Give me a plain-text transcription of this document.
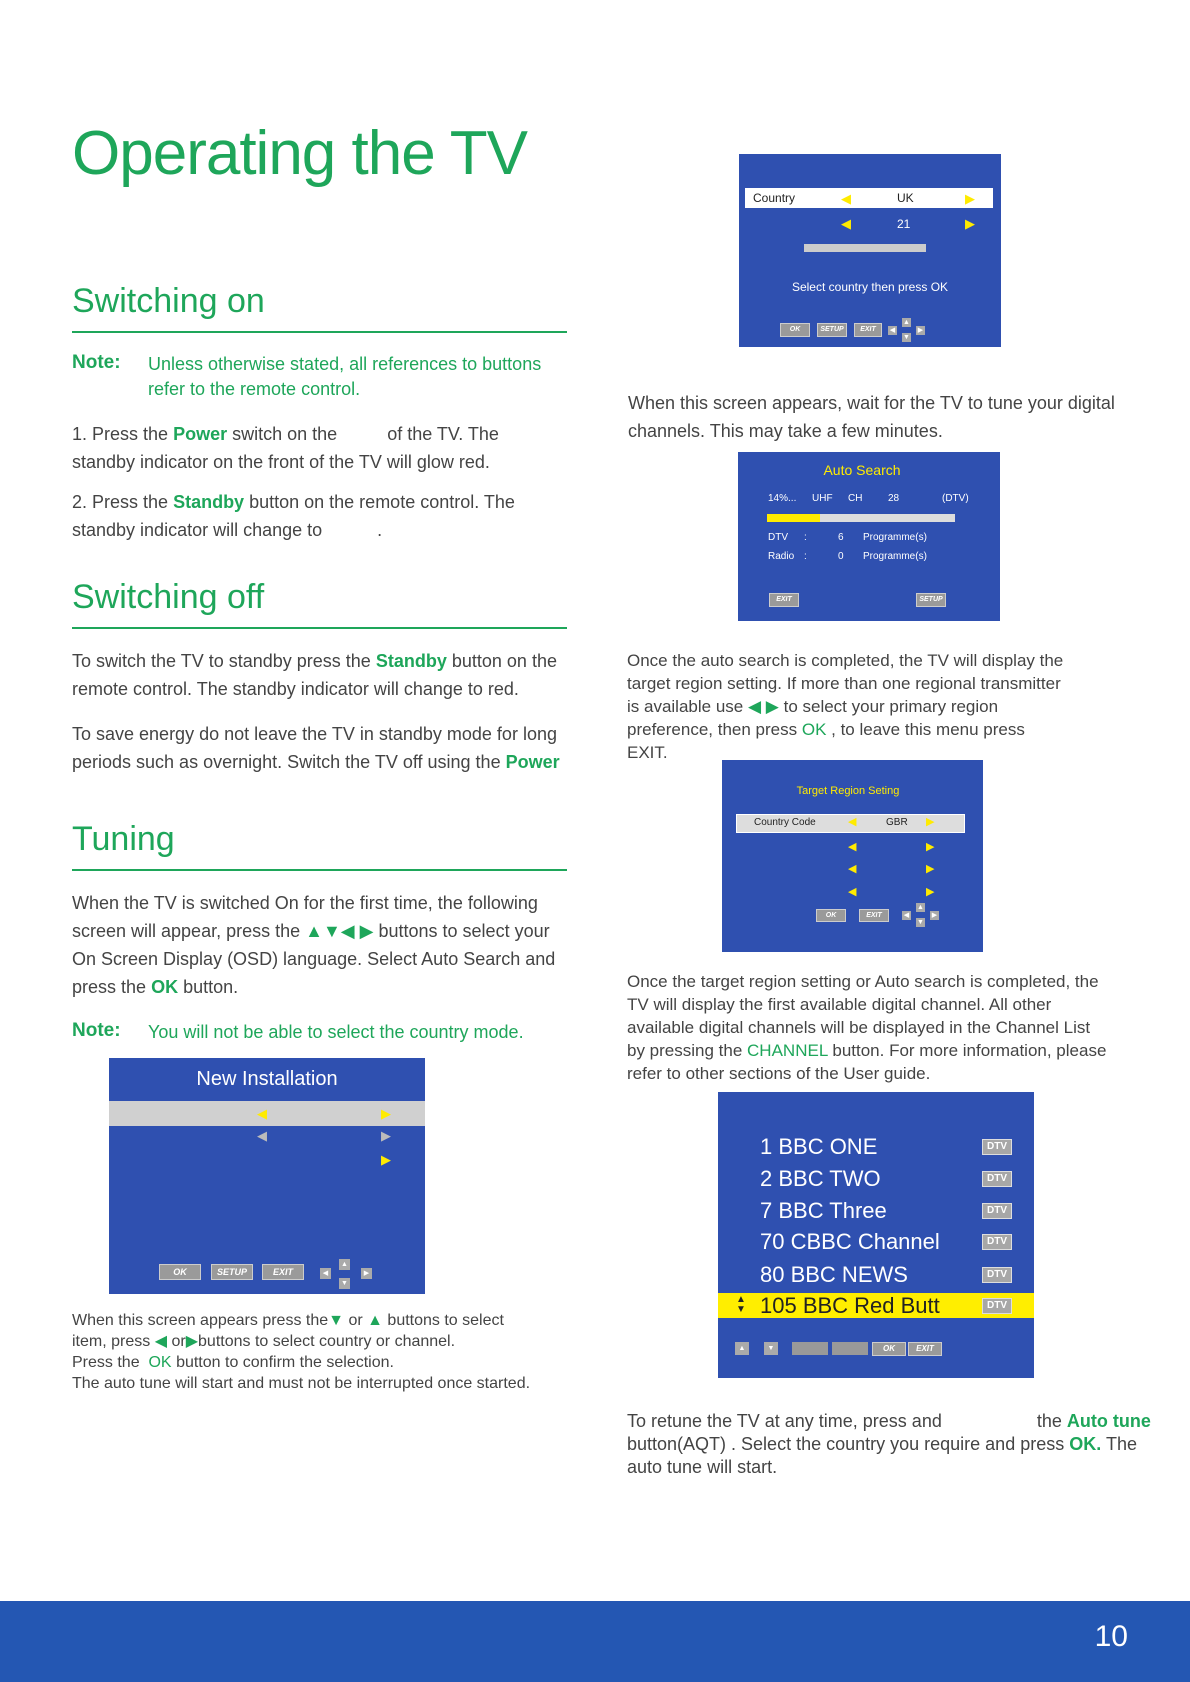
Operating the TV
Switching on
Note: Unless otherwise stated, all references to buttons refer to the remote control.
1. Press the Power switch on the	of the TV. The standby indicator on the front of the TV will glow red.
2. Press the Standby button on the remote control. The standby indicator will change to	.
Switching off
To switch the TV to standby press the Standby button on the remote control. The standby indicator will change to red.
To save energy do not leave the TV in standby mode for long periods such as overnight. Switch the TV off using the Power
Tuning
When the TV is switched On for the first time, the following screen will appear, press the ▲▼◀ ▶ buttons to select your On Screen Display (OSD) language. Select Auto Search and press the OK button.
Note: You will not be able to select the country mode.
New Installation
◀	▶
◀	▶
▶
OK	SETUP	EXIT	◀
▲
▼
▶
When this screen appears press the▼ or ▲ buttons to select item, press ◀ or▶buttons to select country or channel.
Press the OK button to confirm the selection.
The auto tune will start and must not be interrupted once started.
Country	◀	UK	▶
◀	21	▶
Select country then press OK
OK	SETUP	EXIT	◀
▲
▼
▶
When this screen appears, wait for the TV to tune your digital channels. This may take a few minutes.
Auto Search
14%... UHF CH	28	(DTV)
DTV :	6 Programme(s)
Radio :	0 Programme(s)
EXIT	SETUP
Once the auto search is completed, the TV will display the target region setting. If more than one regional transmitter is available use ◀ ▶ to select your primary region preference, then press OK , to leave this menu press EXIT.
Target Region Seting
Country Code	◀	GBR ▶
◀	▶
◀	▶
◀	▶
OK	EXIT	◀
▲
▼
▶
Once the target region setting or Auto search is completed, the TV will display the first available digital channel. All other available digital channels will be displayed in the Channel List by pressing the CHANNEL button. For more information, please refer to other sections of the User guide.
1 BBC ONE	DTV
2 BBC TWO	DTV
7 BBC Three	DTV
70 CBBC Channel	DTV
80 BBC NEWS	DTV
105 BBC Red Butt	DTV
▲
▼
▲	▼	OK	EXIT
To retune the TV at any time, press and	the Auto tune button(AQT) . Select the country you require and press OK. The auto tune will start.
10
